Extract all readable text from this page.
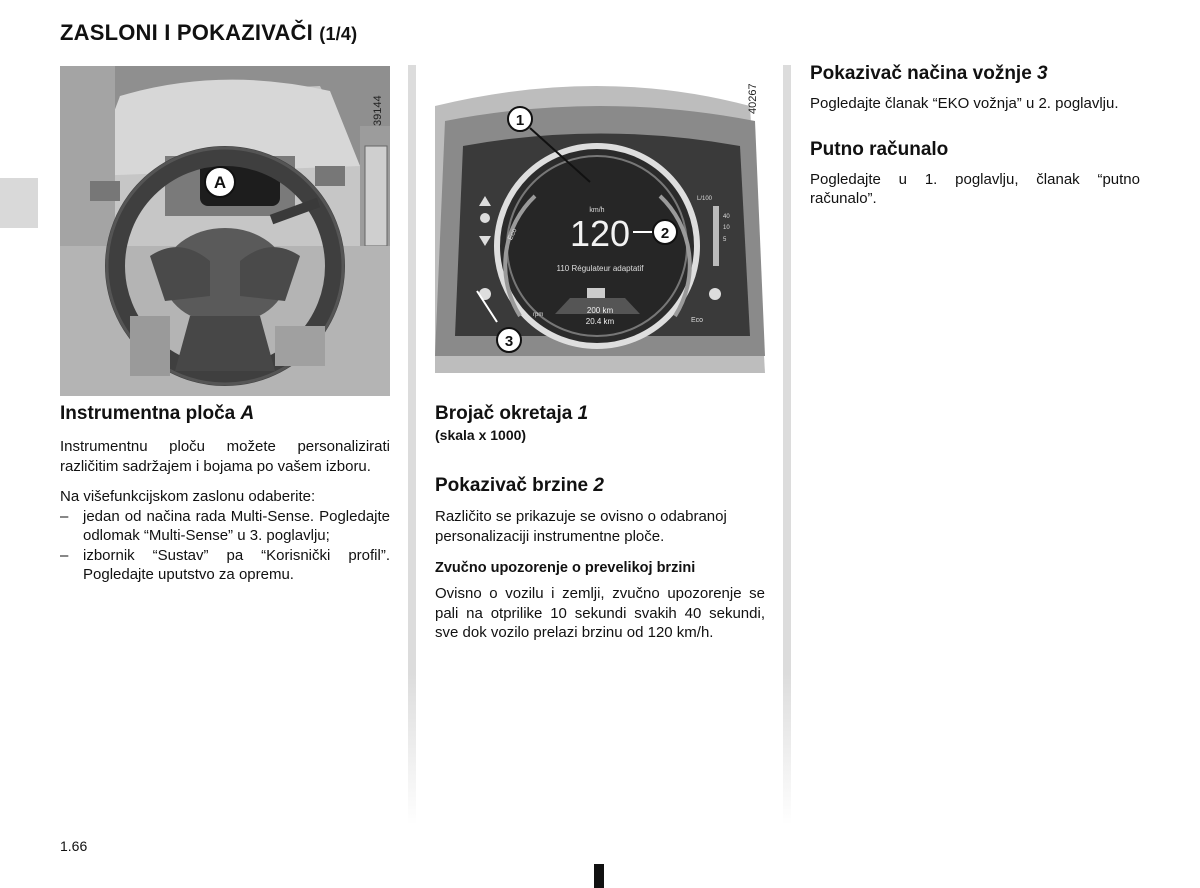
ZASLONI I POKAZIVAČI (1/4)
A
39144
km/h
120
110 Régulateur adaptatif
Eco
rpm
Eco
200 km
20.4 km
L/100
40
10
5
1
2
3
40267
Instrumentna ploča A

Instrumentnu ploču možete personalizirati različitim sadržajem i bojama po vašem izboru.

Na višefunkcijskom zaslonu odaberite:

– jedan od načina rada Multi-Sense. Pogledajte odlomak “Multi-Sense” u 3. poglavlju;
– izbornik “Sustav” pa “Korisnički profil”. Pogledajte uputstvo za opremu.
Brojač okretaja 1
(skala x 1000)
Pokazivač brzine 2

Različito se prikazuje se ovisno o odabranoj personalizaciji instrumentne ploče.

Zvučno upozorenje o prevelikoj brzini

Ovisno o vozilu i zemlji, zvučno upozorenje se pali na otprilike 10 sekundi svakih 40 sekundi, sve dok vozilo prelazi brzinu od 120 km/h.

Pokazivač načina vožnje 3

Pogledajte članak “EKO vožnja” u 2. poglavlju.

Putno računalo

Pogledajte u 1. poglavlju, članak “putno računalo”.

1.66
